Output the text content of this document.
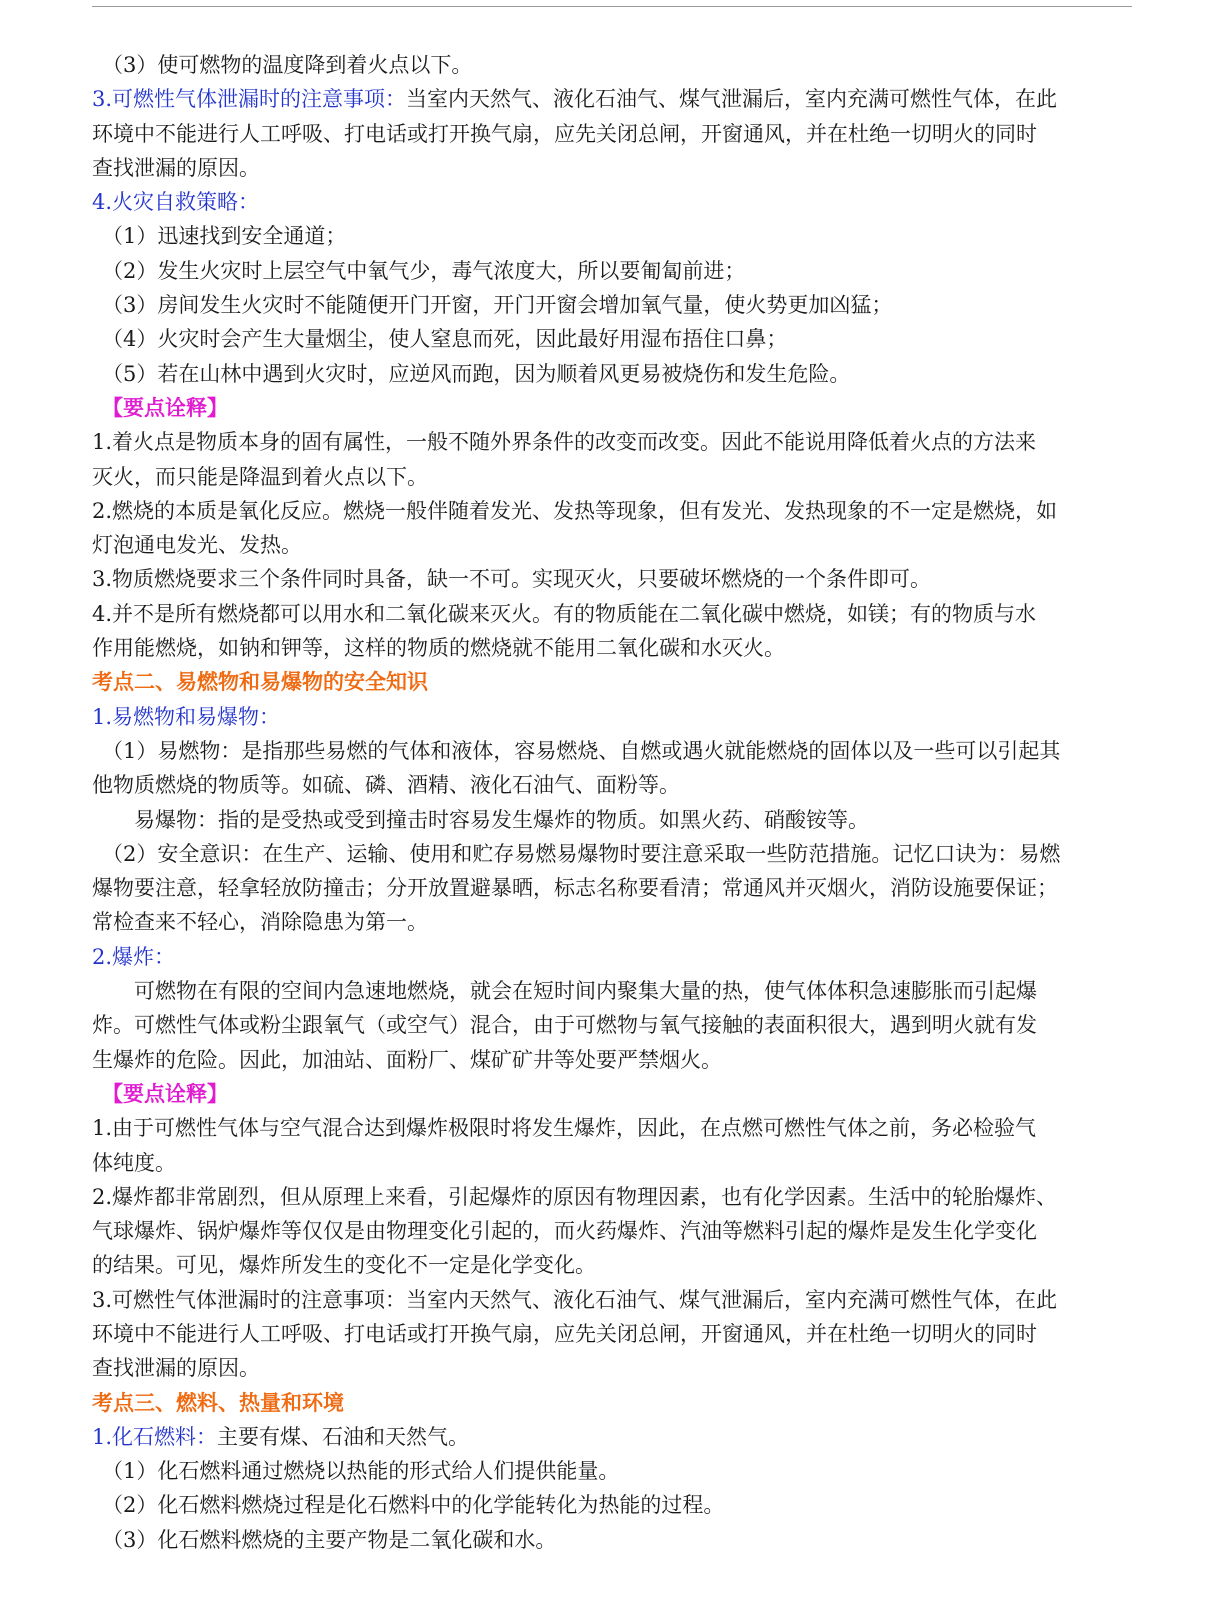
（3）使可燃物的温度降到着火点以下。
3.可燃性气体泄漏时的注意事项：当室内天然气、液化石油气、煤气泄漏后，室内充满可燃性气体，在此
环境中不能进行人工呼吸、打电话或打开换气扇，应先关闭总闸，开窗通风，并在杜绝一切明火的同时
查找泄漏的原因。
4.火灾自救策略：
（1）迅速找到安全通道；
（2）发生火灾时上层空气中氧气少，毒气浓度大，所以要匍匐前进；
（3）房间发生火灾时不能随便开门开窗，开门开窗会增加氧气量，使火势更加凶猛；
（4）火灾时会产生大量烟尘，使人窒息而死，因此最好用湿布捂住口鼻；
（5）若在山林中遇到火灾时，应逆风而跑，因为顺着风更易被烧伤和发生危险。
【要点诠释】
1.着火点是物质本身的固有属性，一般不随外界条件的改变而改变。因此不能说用降低着火点的方法来
灭火，而只能是降温到着火点以下。
2.燃烧的本质是氧化反应。燃烧一般伴随着发光、发热等现象，但有发光、发热现象的不一定是燃烧，如
灯泡通电发光、发热。
3.物质燃烧要求三个条件同时具备，缺一不可。实现灭火，只要破坏燃烧的一个条件即可。
4.并不是所有燃烧都可以用水和二氧化碳来灭火。有的物质能在二氧化碳中燃烧，如镁；有的物质与水
作用能燃烧，如钠和钾等，这样的物质的燃烧就不能用二氧化碳和水灭火。
考点二、易燃物和易爆物的安全知识
1.易燃物和易爆物：
（1）易燃物：是指那些易燃的气体和液体，容易燃烧、自燃或遇火就能燃烧的固体以及一些可以引起其
他物质燃烧的物质等。如硫、磷、酒精、液化石油气、面粉等。
易爆物：指的是受热或受到撞击时容易发生爆炸的物质。如黑火药、硝酸铵等。
（2）安全意识：在生产、运输、使用和贮存易燃易爆物时要注意采取一些防范措施。记忆口诀为：易燃
爆物要注意，轻拿轻放防撞击；分开放置避暴晒，标志名称要看清；常通风并灭烟火，消防设施要保证；
常检查来不轻心，消除隐患为第一。
2.爆炸：
可燃物在有限的空间内急速地燃烧，就会在短时间内聚集大量的热，使气体体积急速膨胀而引起爆
炸。可燃性气体或粉尘跟氧气（或空气）混合，由于可燃物与氧气接触的表面积很大，遇到明火就有发
生爆炸的危险。因此，加油站、面粉厂、煤矿矿井等处要严禁烟火。
【要点诠释】
1.由于可燃性气体与空气混合达到爆炸极限时将发生爆炸，因此，在点燃可燃性气体之前，务必检验气
体纯度。
2.爆炸都非常剧烈，但从原理上来看，引起爆炸的原因有物理因素，也有化学因素。生活中的轮胎爆炸、
气球爆炸、锅炉爆炸等仅仅是由物理变化引起的，而火药爆炸、汽油等燃料引起的爆炸是发生化学变化
的结果。可见，爆炸所发生的变化不一定是化学变化。
3.可燃性气体泄漏时的注意事项：当室内天然气、液化石油气、煤气泄漏后，室内充满可燃性气体，在此
环境中不能进行人工呼吸、打电话或打开换气扇，应先关闭总闸，开窗通风，并在杜绝一切明火的同时
查找泄漏的原因。
考点三、燃料、热量和环境
1.化石燃料：主要有煤、石油和天然气。
（1）化石燃料通过燃烧以热能的形式给人们提供能量。
（2）化石燃料燃烧过程是化石燃料中的化学能转化为热能的过程。
（3）化石燃料燃烧的主要产物是二氧化碳和水。
